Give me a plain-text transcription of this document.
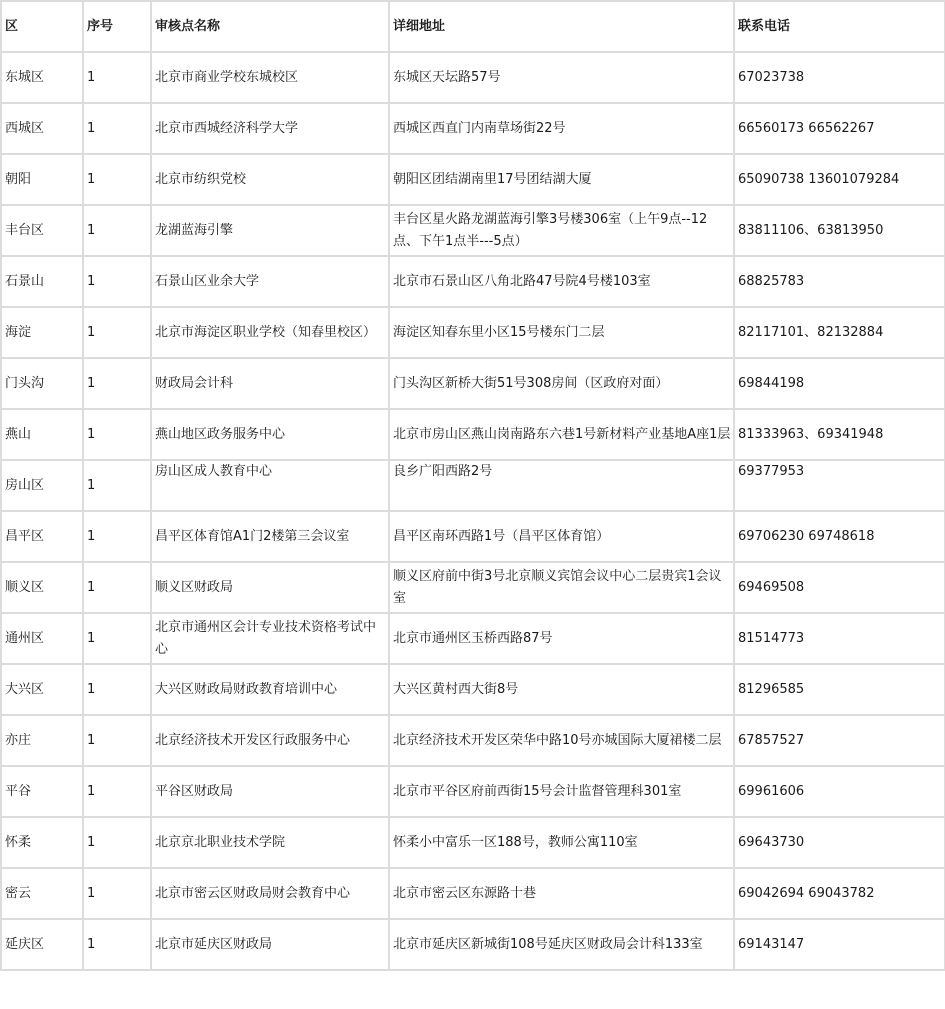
区	序号	审核点名称	详细地址	联系电话
东城区	1	北京市商业学校东城校区	东城区天坛路57号	67023738
西城区	1	北京市西城经济科学大学	西城区西直门内南草场街22号	66560173 66562267
朝阳	1	北京市纺织党校	朝阳区团结湖南里17号团结湖大厦	65090738 13601079284
丰台区	1	龙湖蓝海引擎	丰台区星火路龙湖蓝海引擎3号楼306室（上午9点--12点、下午1点半---5点）	83811106、63813950
石景山	1	石景山区业余大学	北京市石景山区八角北路47号院4号楼103室	68825783
海淀	1	北京市海淀区职业学校（知春里校区）	海淀区知春东里小区15号楼东门二层	82117101、82132884
门头沟	1	财政局会计科	门头沟区新桥大街51号308房间（区政府对面）	69844198
燕山	1	燕山地区政务服务中心	北京市房山区燕山岗南路东六巷1号新材料产业基地A座1层	81333963、69341948
房山区	1	房山区成人教育中心	良乡广阳西路2号	69377953
昌平区	1	昌平区体育馆A1门2楼第三会议室	昌平区南环西路1号（昌平区体育馆）	69706230 69748618
顺义区	1	顺义区财政局	顺义区府前中街3号北京顺义宾馆会议中心二层贵宾1会议室	69469508
通州区	1	北京市通州区会计专业技术资格考试中心	北京市通州区玉桥西路87号	81514773
大兴区	1	大兴区财政局财政教育培训中心	大兴区黄村西大街8号	81296585
亦庄	1	北京经济技术开发区行政服务中心	北京经济技术开发区荣华中路10号亦城国际大厦裙楼二层	67857527
平谷	1	平谷区财政局	北京市平谷区府前西街15号会计监督管理科301室	69961606
怀柔	1	北京京北职业技术学院	怀柔小中富乐一区188号，教师公寓110室	69643730
密云	1	北京市密云区财政局财会教育中心	北京市密云区东源路十巷	69042694 69043782
延庆区	1	北京市延庆区财政局	北京市延庆区新城街108号延庆区财政局会计科133室	69143147
